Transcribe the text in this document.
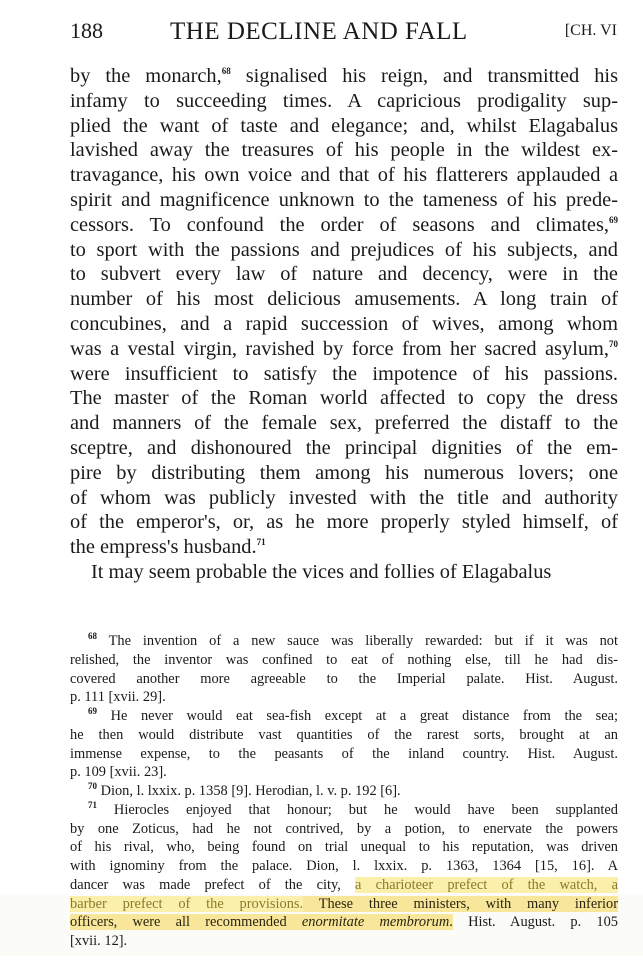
188	THE DECLINE AND FALL	[CH. VI
by the monarch,$^{68}$ signalised his reign, and transmitted his
infamy to succeeding times. A capricious prodigality sup-
plied the want of taste and elegance; and, whilst Elagabalus
lavished away the treasures of his people in the wildest ex-
travagance, his own voice and that of his flatterers applauded a
spirit and magnificence unknown to the tameness of his prede-
cessors. To confound the order of seasons and climates,$^{69}$
to sport with the passions and prejudices of his subjects, and
to subvert every law of nature and decency, were in the
number of his most delicious amusements. A long train of
concubines, and a rapid succession of wives, among whom
was a vestal virgin, ravished by force from her sacred asylum,$^{70}$
were insufficient to satisfy the impotence of his passions.
The master of the Roman world affected to copy the dress
and manners of the female sex, preferred the distaff to the
sceptre, and dishonoured the principal dignities of the em-
pire by distributing them among his numerous lovers; one
of whom was publicly invested with the title and authority
of the emperor's, or, as he more properly styled himself, of
the empress's husband.$^{71}$
It may seem probable the vices and follies of Elagabalus
$^{68}$ The invention of a new sauce was liberally rewarded: but if it was not
relished, the inventor was confined to eat of nothing else, till he had dis-
covered another more agreeable to the Imperial palate. Hist. August.
p. 111 [xvii. 29].
$^{69}$ He never would eat sea-fish except at a great distance from the sea;
he then would distribute vast quantities of the rarest sorts, brought at an
immense expense, to the peasants of the inland country. Hist. August.
p. 109 [xvii. 23].
$^{70}$ Dion, l. lxxix. p. 1358 [9]. Herodian, l. v. p. 192 [6].
$^{71}$ Hierocles enjoyed that honour; but he would have been supplanted
by one Zoticus, had he not contrived, by a potion, to enervate the powers
of his rival, who, being found on trial unequal to his reputation, was driven
with ignominy from the palace. Dion, l. lxxix. p. 1363, 1364 [15, 16]. A
dancer was made prefect of the city, a charioteer prefect of the watch, a
barber prefect of the provisions. These three ministers, with many inferior
officers, were all recommended enormitate membrorum. Hist. August. p. 105
[xvii. 12].
